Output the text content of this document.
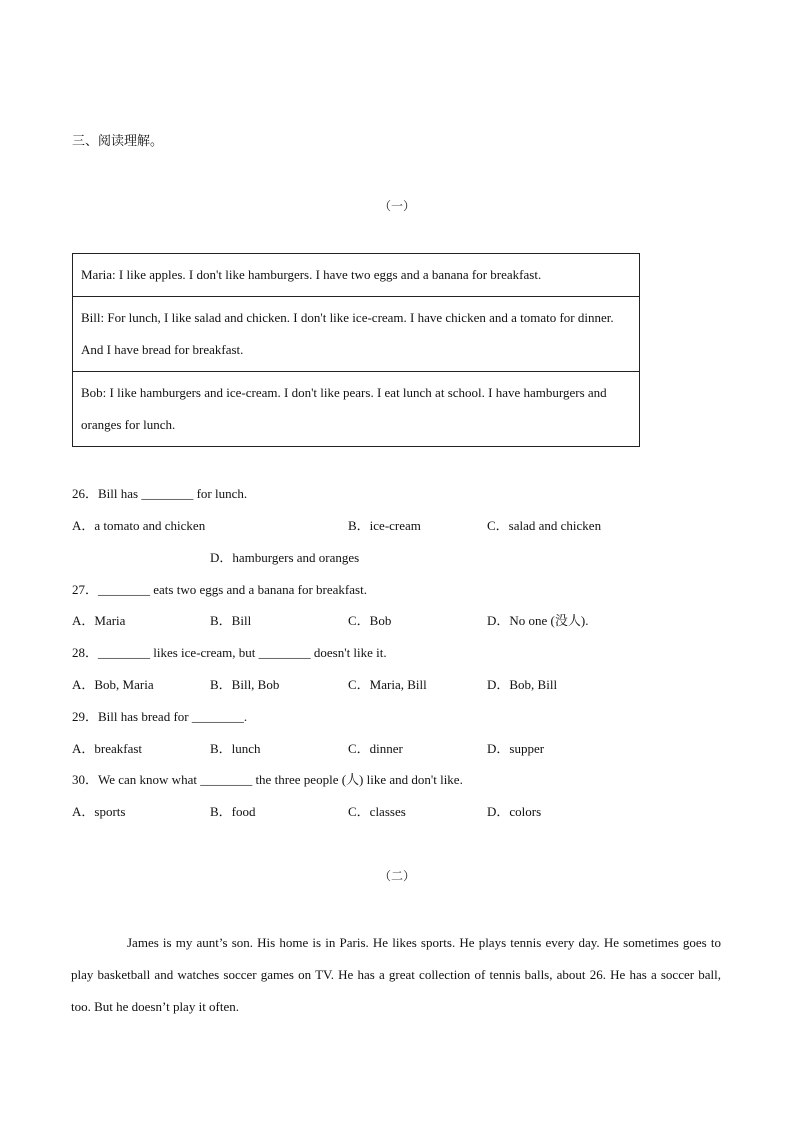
三、阅读理解。
（一）
Maria: I like apples. I don't like hamburgers. I have two eggs and a banana for breakfast.
Bill: For lunch, I like salad and chicken. I don't like ice-cream. I have chicken and a tomato for dinner. And I have bread for breakfast.
Bob: I like hamburgers and ice-cream. I don't like pears. I eat lunch at school. I have hamburgers and oranges for lunch.
26．Bill has ________ for lunch.
A．a tomato and chicken	B．ice-cream	C．salad and chicken
D．hamburgers and oranges
27．________ eats two eggs and a banana for breakfast.
A．Maria	B．Bill	C．Bob	D．No one (没人).
28．________ likes ice-cream, but ________ doesn't like it.
A．Bob, Maria	B．Bill, Bob	C．Maria, Bill	D．Bob, Bill
29．Bill has bread for ________.
A．breakfast	B．lunch	C．dinner	D．supper
30．We can know what ________ the three people (人) like and don't like.
A．sports	B．food	C．classes	D．colors
（二）
James is my aunt’s son. His home is in Paris. He likes sports. He plays tennis every day. He sometimes goes to play basketball and watches soccer games on TV. He has a great collection of tennis balls, about 26. He has a soccer ball, too. But he doesn’t play it often.
